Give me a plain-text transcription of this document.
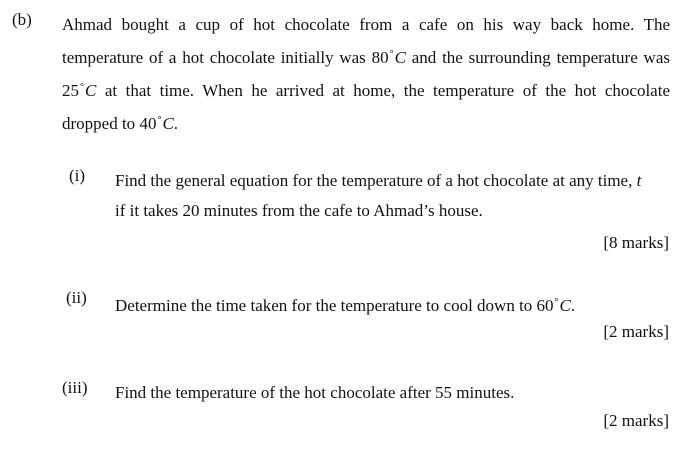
(b) Ahmad bought a cup of hot chocolate from a cafe on his way back home. The
temperature of a hot chocolate initially was 80°C and the surrounding temperature was
25°C at that time. When he arrived at home, the temperature of the hot chocolate
dropped to 40°C.
(i) Find the general equation for the temperature of a hot chocolate at any time, t
if it takes 20 minutes from the cafe to Ahmad’s house.
[8 marks]
(ii) Determine the time taken for the temperature to cool down to 60°C.
[2 marks]
(iii) Find the temperature of the hot chocolate after 55 minutes.
[2 marks]
